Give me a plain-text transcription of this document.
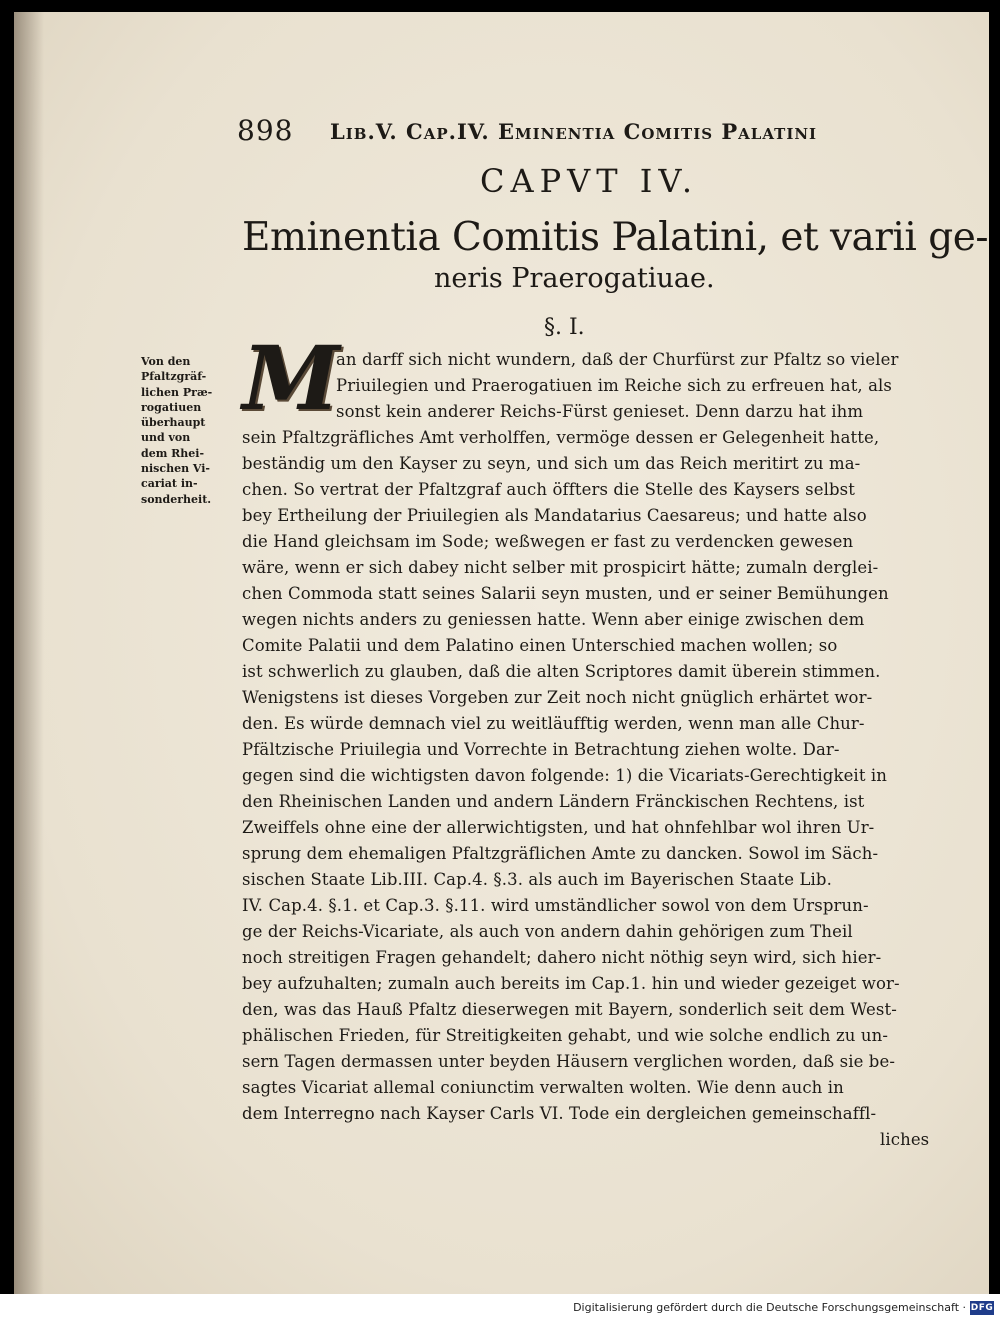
898 Lib.V. Cap.IV. Eminentia Comitis Palatini
CAPVT IV.
Eminentia Comitis Palatini, et varii ge-
neris Praerogatiuae.
§. I.
Von den
Pfaltzgräf-
lichen Præ-
rogatiuen
überhaupt
und von
dem Rhei-
nischen Vi-
cariat in-
sonderheit.
M
an darff sich nicht wundern, daß der Churfürst zur Pfaltz so vieler
Priuilegien und Praerogatiuen im Reiche sich zu erfreuen hat, als
sonst kein anderer Reichs-Fürst genieset. Denn darzu hat ihm
sein Pfaltzgräfliches Amt verholffen, vermöge dessen er Gelegenheit hatte,
beständig um den Kayser zu seyn, und sich um das Reich meritirt zu ma-
chen. So vertrat der Pfaltzgraf auch öffters die Stelle des Kaysers selbst
bey Ertheilung der Priuilegien als Mandatarius Caesareus; und hatte also
die Hand gleichsam im Sode; weßwegen er fast zu verdencken gewesen
wäre, wenn er sich dabey nicht selber mit prospicirt hätte; zumaln derglei-
chen Commoda statt seines Salarii seyn musten, und er seiner Bemühungen
wegen nichts anders zu geniessen hatte. Wenn aber einige zwischen dem
Comite Palatii und dem Palatino einen Unterschied machen wollen; so
ist schwerlich zu glauben, daß die alten Scriptores damit überein stimmen.
Wenigstens ist dieses Vorgeben zur Zeit noch nicht gnüglich erhärtet wor-
den. Es würde demnach viel zu weitläufftig werden, wenn man alle Chur-
Pfältzische Priuilegia und Vorrechte in Betrachtung ziehen wolte. Dar-
gegen sind die wichtigsten davon folgende: 1) die Vicariats-Gerechtigkeit in
den Rheinischen Landen und andern Ländern Fränckischen Rechtens, ist
Zweiffels ohne eine der allerwichtigsten, und hat ohnfehlbar wol ihren Ur-
sprung dem ehemaligen Pfaltzgräflichen Amte zu dancken. Sowol im Säch-
sischen Staate Lib.III. Cap.4. §.3. als auch im Bayerischen Staate Lib.
IV. Cap.4. §.1. et Cap.3. §.11. wird umständlicher sowol von dem Ursprun-
ge der Reichs-Vicariate, als auch von andern dahin gehörigen zum Theil
noch streitigen Fragen gehandelt; dahero nicht nöthig seyn wird, sich hier-
bey aufzuhalten; zumaln auch bereits im Cap.1. hin und wieder gezeiget wor-
den, was das Hauß Pfaltz dieserwegen mit Bayern, sonderlich seit dem West-
phälischen Frieden, für Streitigkeiten gehabt, und wie solche endlich zu un-
sern Tagen dermassen unter beyden Häusern verglichen worden, daß sie be-
sagtes Vicariat allemal coniunctim verwalten wolten. Wie denn auch in
dem Interregno nach Kayser Carls VI. Tode ein dergleichen gemeinschaffl-
liches
Digitalisierung gefördert durch die Deutsche Forschungsgemeinschaft · DFG
